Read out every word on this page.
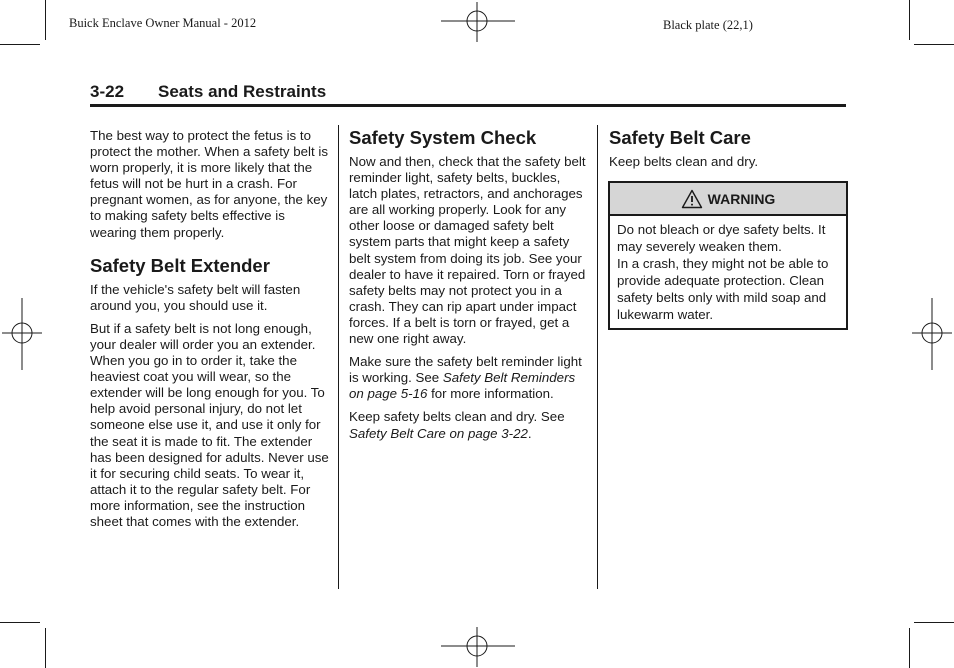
Buick Enclave Owner Manual - 2012	Black plate (22,1)
3-22 Seats and Restraints

The best way to protect the fetus is to protect the mother. When a safety belt is worn properly, it is more likely that the fetus will not be hurt in a crash. For pregnant women, as for anyone, the key to making safety belts effective is wearing them properly.

Safety Belt Extender

If the vehicle's safety belt will fasten around you, you should use it.

But if a safety belt is not long enough, your dealer will order you an extender. When you go in to order it, take the heaviest coat you will wear, so the extender will be long enough for you. To help avoid personal injury, do not let someone else use it, and use it only for the seat it is made to fit. The extender has been designed for adults. Never use it for securing child seats. To wear it, attach it to the regular safety belt. For more information, see the instruction sheet that comes with the extender.

Safety System Check

Now and then, check that the safety belt reminder light, safety belts, buckles, latch plates, retractors, and anchorages are all working properly. Look for any other loose or damaged safety belt system parts that might keep a safety belt system from doing its job. See your dealer to have it repaired. Torn or frayed safety belts may not protect you in a crash. They can rip apart under impact forces. If a belt is torn or frayed, get a new one right away.

Make sure the safety belt reminder light is working. See Safety Belt Reminders on page 5-16 for more information.

Keep safety belts clean and dry. See Safety Belt Care on page 3-22.

Safety Belt Care

Keep belts clean and dry.

WARNING

Do not bleach or dye safety belts. It may severely weaken them.

In a crash, they might not be able to provide adequate protection. Clean safety belts only with mild soap and lukewarm water.
